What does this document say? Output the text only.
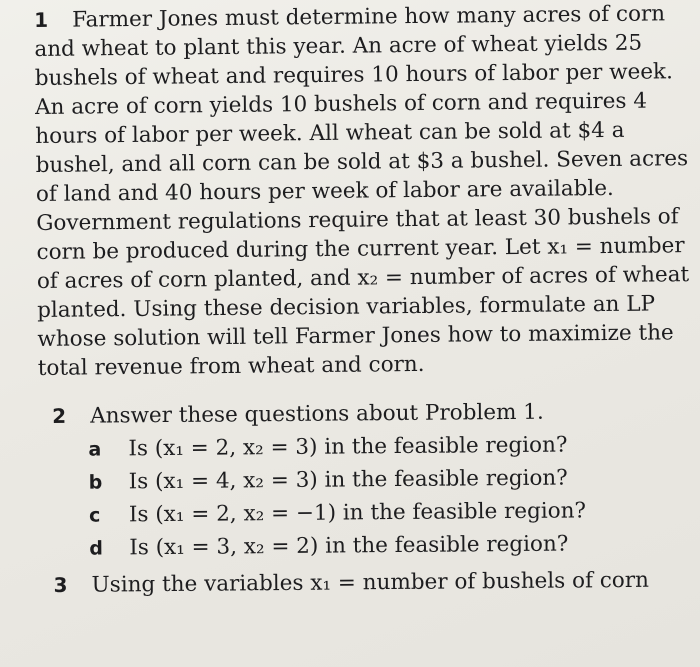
1 Farmer Jones must determine how many acres of corn
and wheat to plant this year. An acre of wheat yields 25
bushels of wheat and requires 10 hours of labor per week.
An acre of corn yields 10 bushels of corn and requires 4
hours of labor per week. All wheat can be sold at $4 a
bushel, and all corn can be sold at $3 a bushel. Seven acres
of land and 40 hours per week of labor are available.
Government regulations require that at least 30 bushels of
corn be produced during the current year. Let x₁ = number
of acres of corn planted, and x₂ = number of acres of wheat
planted. Using these decision variables, formulate an LP
whose solution will tell Farmer Jones how to maximize the
total revenue from wheat and corn.
2 Answer these questions about Problem 1.
a Is (x₁ = 2, x₂ = 3) in the feasible region?
b Is (x₁ = 4, x₂ = 3) in the feasible region?
c Is (x₁ = 2, x₂ = −1) in the feasible region?
d Is (x₁ = 3, x₂ = 2) in the feasible region?
3 Using the variables x₁ = number of bushels of corn
